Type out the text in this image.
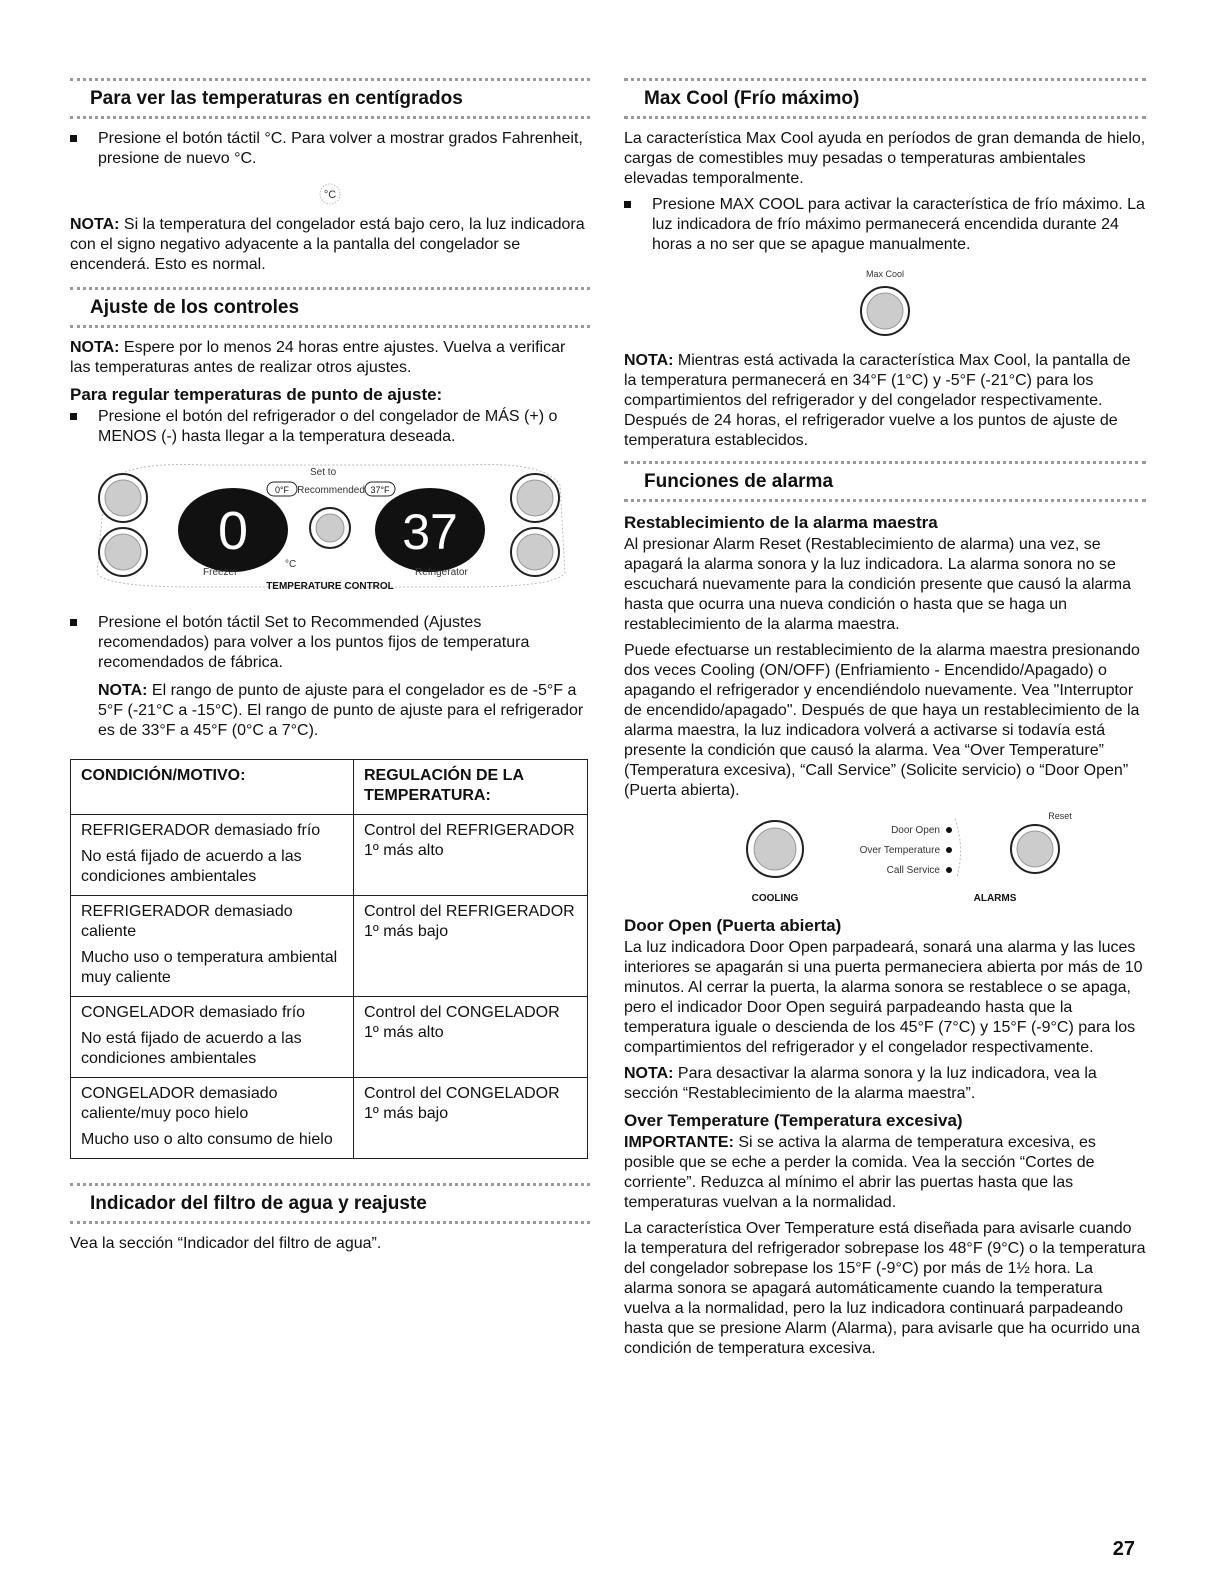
Para ver las temperaturas en centígrados
Presione el botón táctil °C. Para volver a mostrar grados Fahrenheit, presione de nuevo °C.
°C

NOTA: Si la temperatura del congelador está bajo cero, la luz indicadora con el signo negativo adyacente a la pantalla del congelador se encenderá. Esto es normal.

Ajuste de los controles

NOTA: Espere por lo menos 24 horas entre ajustes. Vuelva a verificar las temperaturas antes de realizar otros ajustes.

Para regular temperaturas de punto de ajuste:
Presione el botón del refrigerador o del congelador de MÁS (+) o MENOS (-) hasta llegar a la temperatura deseada.
0
Set to
0°F Recommended 37°F
37
Freezer
°C
Refrigerator
TEMPERATURE CONTROL
Presione el botón táctil Set to Recommended (Ajustes recomendados) para volver a los puntos fijos de temperatura recomendados de fábrica.

NOTA: El rango de punto de ajuste para el congelador es de -5°F a 5°F (-21°C a -15°C). El rango de punto de ajuste para el refrigerador es de 33°F a 45°F (0°C a 7°C).

CONDICIÓN/MOTIVO:	REGULACIÓN DE LA TEMPERATURA:

REFRIGERADOR demasiado frío

No está fijado de acuerdo a las condiciones ambientales	Control del REFRIGERADOR 1º más alto

REFRIGERADOR demasiado caliente

Mucho uso o temperatura ambiental muy caliente	Control del REFRIGERADOR 1º más bajo

CONGELADOR demasiado frío

No está fijado de acuerdo a las condiciones ambientales	Control del CONGELADOR 1º más alto

CONGELADOR demasiado caliente/muy poco hielo

Mucho uso o alto consumo de hielo	Control del CONGELADOR 1º más bajo

Indicador del filtro de agua y reajuste

Vea la sección “Indicador del filtro de agua”.

Max Cool (Frío máximo)

La característica Max Cool ayuda en períodos de gran demanda de hielo, cargas de comestibles muy pesadas o temperaturas ambientales elevadas temporalmente.

Presione MAX COOL para activar la característica de frío máximo. La luz indicadora de frío máximo permanecerá encendida durante 24 horas a no ser que se apague manualmente.
Max Cool

NOTA: Mientras está activada la característica Max Cool, la pantalla de la temperatura permanecerá en 34°F (1°C) y -5°F (-21°C) para los compartimientos del refrigerador y del congelador respectivamente. Después de 24 horas, el refrigerador vuelve a los puntos de ajuste de temperatura establecidos.

Funciones de alarma
Restablecimiento de la alarma maestra

Al presionar Alarm Reset (Restablecimiento de alarma) una vez, se apagará la alarma sonora y la luz indicadora. La alarma sonora no se escuchará nuevamente para la condición presente que causó la alarma hasta que ocurra una nueva condición o hasta que se haga un restablecimiento de la alarma maestra.

Puede efectuarse un restablecimiento de la alarma maestra presionando dos veces Cooling (ON/OFF) (Enfriamiento - Encendido/Apagado) o apagando el refrigerador y encendiéndolo nuevamente. Vea "Interruptor de encendido/apagado". Después de que haya un restablecimiento de la alarma maestra, la luz indicadora volverá a activarse si todavía está presente la condición que causó la alarma. Vea “Over Temperature” (Temperatura excesiva), “Call Service” (Solicite servicio) o “Door Open” (Puerta abierta).

Door Open
Over Temperature
Call Service
Reset
COOLING	ALARMS
Door Open (Puerta abierta)

La luz indicadora Door Open parpadeará, sonará una alarma y las luces interiores se apagarán si una puerta permaneciera abierta por más de 10 minutos. Al cerrar la puerta, la alarma sonora se restablece o se apaga, pero el indicador Door Open seguirá parpadeando hasta que la temperatura iguale o descienda de los 45°F (7°C) y 15°F (-9°C) para los compartimientos del refrigerador y el congelador respectivamente.

NOTA: Para desactivar la alarma sonora y la luz indicadora, vea la sección “Restablecimiento de la alarma maestra”.

Over Temperature (Temperatura excesiva)

IMPORTANTE: Si se activa la alarma de temperatura excesiva, es posible que se eche a perder la comida. Vea la sección “Cortes de corriente”. Reduzca al mínimo el abrir las puertas hasta que las temperaturas vuelvan a la normalidad.

La característica Over Temperature está diseñada para avisarle cuando la temperatura del refrigerador sobrepase los 48°F (9°C) o la temperatura del congelador sobrepase los 15°F (-9°C) por más de 1½ hora. La alarma sonora se apagará automáticamente cuando la temperatura vuelva a la normalidad, pero la luz indicadora continuará parpadeando hasta que se presione Alarm (Alarma), para avisarle que ha ocurrido una condición de temperatura excesiva.

27
